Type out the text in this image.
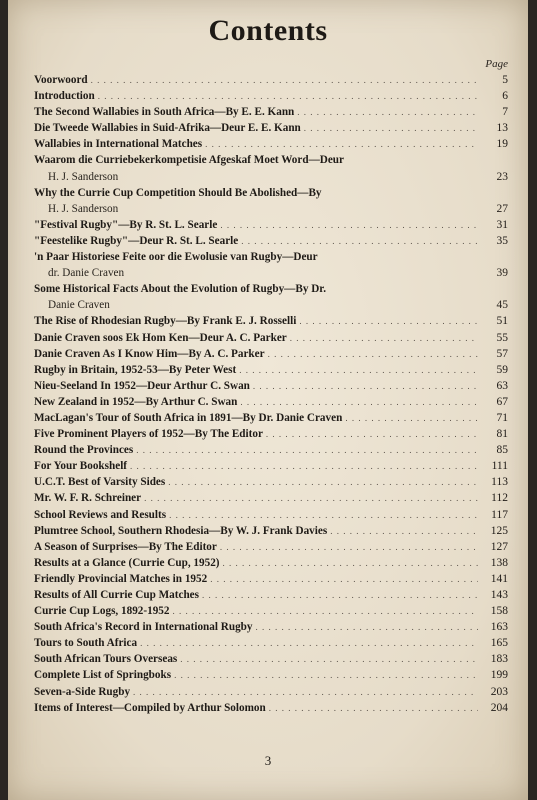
Contents
Page
Voorwoord . . .	5
Introduction . . .	6
The Second Wallabies in South Africa—By E. E. Kann . . .	7
Die Tweede Wallabies in Suid-Afrika—Deur E. E. Kann . . .	13
Wallabies in International Matches . . .	19
Waarom die Curriebekerkompetisie Afgeskaf Moet Word—Deur
H. J. Sanderson	23
Why the Currie Cup Competition Should Be Abolished—By
H. J. Sanderson	27
"Festival Rugby"—By R. St. L. Searle . . .	31
"Feestelike Rugby"—Deur R. St. L. Searle . . .	35
'n Paar Historiese Feite oor die Ewolusie van Rugby—Deur
dr. Danie Craven	39
Some Historical Facts About the Evolution of Rugby—By Dr.
Danie Craven	45
The Rise of Rhodesian Rugby—By Frank E. J. Rosselli . . .	51
Danie Craven soos Ek Hom Ken—Deur A. C. Parker . . .	55
Danie Craven As I Know Him—By A. C. Parker . . .	57
Rugby in Britain, 1952-53—By Peter West . . .	59
Nieu-Seeland In 1952—Deur Arthur C. Swan . . .	63
New Zealand in 1952—By Arthur C. Swan . . .	67
MacLagan's Tour of South Africa in 1891—By Dr. Danie Craven . . .	71
Five Prominent Players of 1952—By The Editor . . .	81
Round the Provinces . . .	85
For Your Bookshelf . . .	111
U.C.T. Best of Varsity Sides . . .	113
Mr. W. F. R. Schreiner . . .	112
School Reviews and Results . . .	117
Plumtree School, Southern Rhodesia—By W. J. Frank Davies . . .	125
A Season of Surprises—By The Editor . . .	127
Results at a Glance (Currie Cup, 1952) . . .	138
Friendly Provincial Matches in 1952 . . .	141
Results of All Currie Cup Matches . . .	143
Currie Cup Logs, 1892-1952 . . .	158
South Africa's Record in International Rugby . . .	163
Tours to South Africa . . .	165
South African Tours Overseas . . .	183
Complete List of Springboks . . .	199
Seven-a-Side Rugby . . .	203
Items of Interest—Compiled by Arthur Solomon . . .	204
3
